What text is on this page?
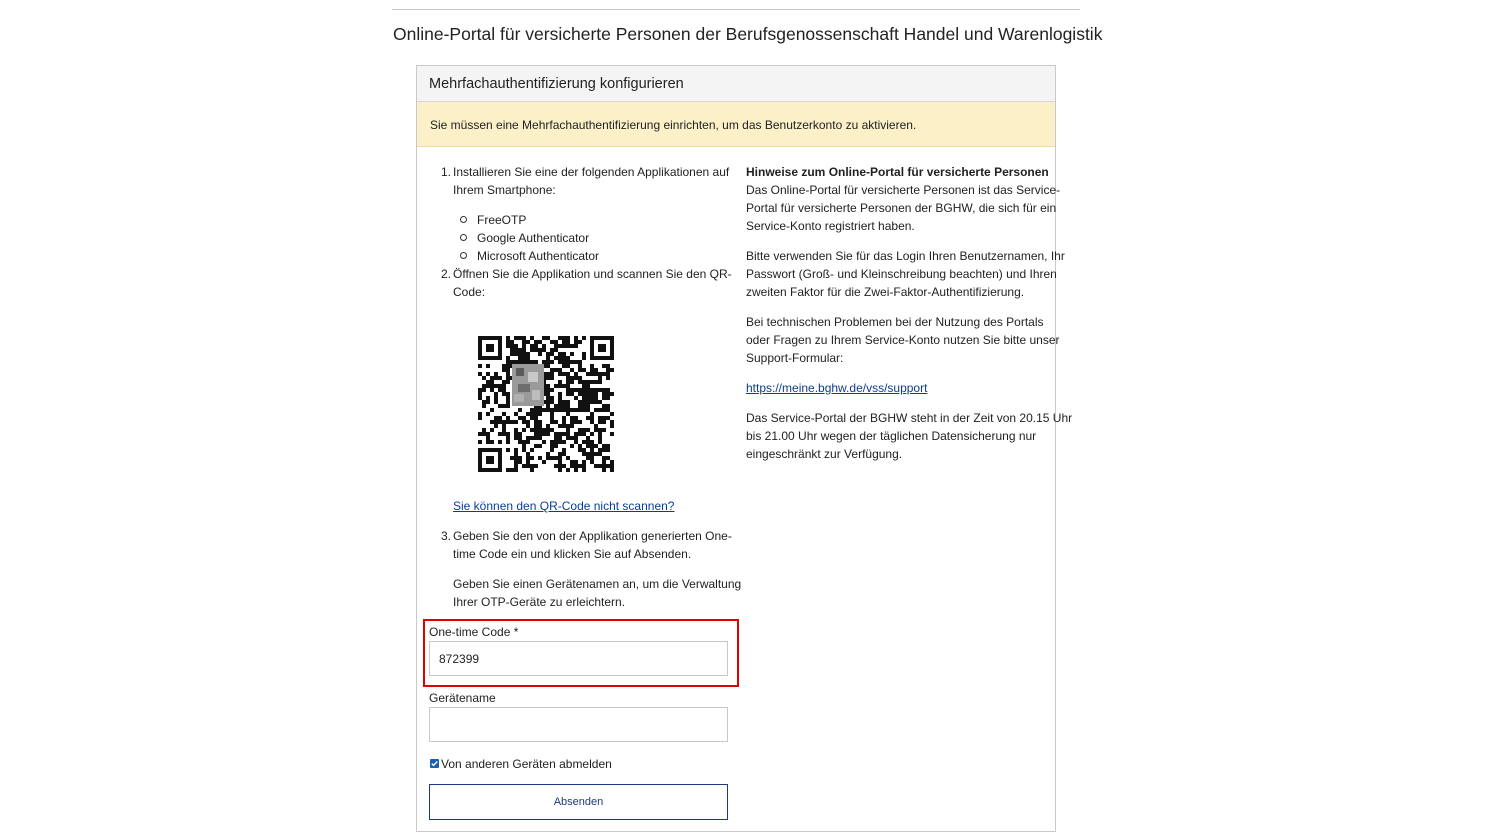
Online-Portal für versicherte Personen der Berufsgenossenschaft Handel und Warenlogistik
Mehrfachauthentifizierung konfigurieren
Sie müssen eine Mehrfachauthentifizierung einrichten, um das Benutzerkonto zu aktivieren.
1. Installieren Sie eine der folgenden Applikationen auf
Ihrem Smartphone:
FreeOTP
Google Authenticator
Microsoft Authenticator
2. Öffnen Sie die Applikation und scannen Sie den QR-
Code:
Sie können den QR-Code nicht scannen?
3. Geben Sie den von der Applikation generierten One-
time Code ein und klicken Sie auf Absenden.
Geben Sie einen Gerätenamen an, um die Verwaltung
Ihrer OTP-Geräte zu erleichtern.
One-time Code *
872399
Gerätename
Von anderen Geräten abmelden
Absenden
Hinweise zum Online-Portal für versicherte Personen
Das Online-Portal für versicherte Personen ist das Service-
Portal für versicherte Personen der BGHW, die sich für ein
Service-Konto registriert haben.
Bitte verwenden Sie für das Login Ihren Benutzernamen, Ihr
Passwort (Groß- und Kleinschreibung beachten) und Ihren
zweiten Faktor für die Zwei-Faktor-Authentifizierung.
Bei technischen Problemen bei der Nutzung des Portals
oder Fragen zu Ihrem Service-Konto nutzen Sie bitte unser
Support-Formular:
https://meine.bghw.de/vss/support
Das Service-Portal der BGHW steht in der Zeit von 20.15 Uhr
bis 21.00 Uhr wegen der täglichen Datensicherung nur
eingeschränkt zur Verfügung.
